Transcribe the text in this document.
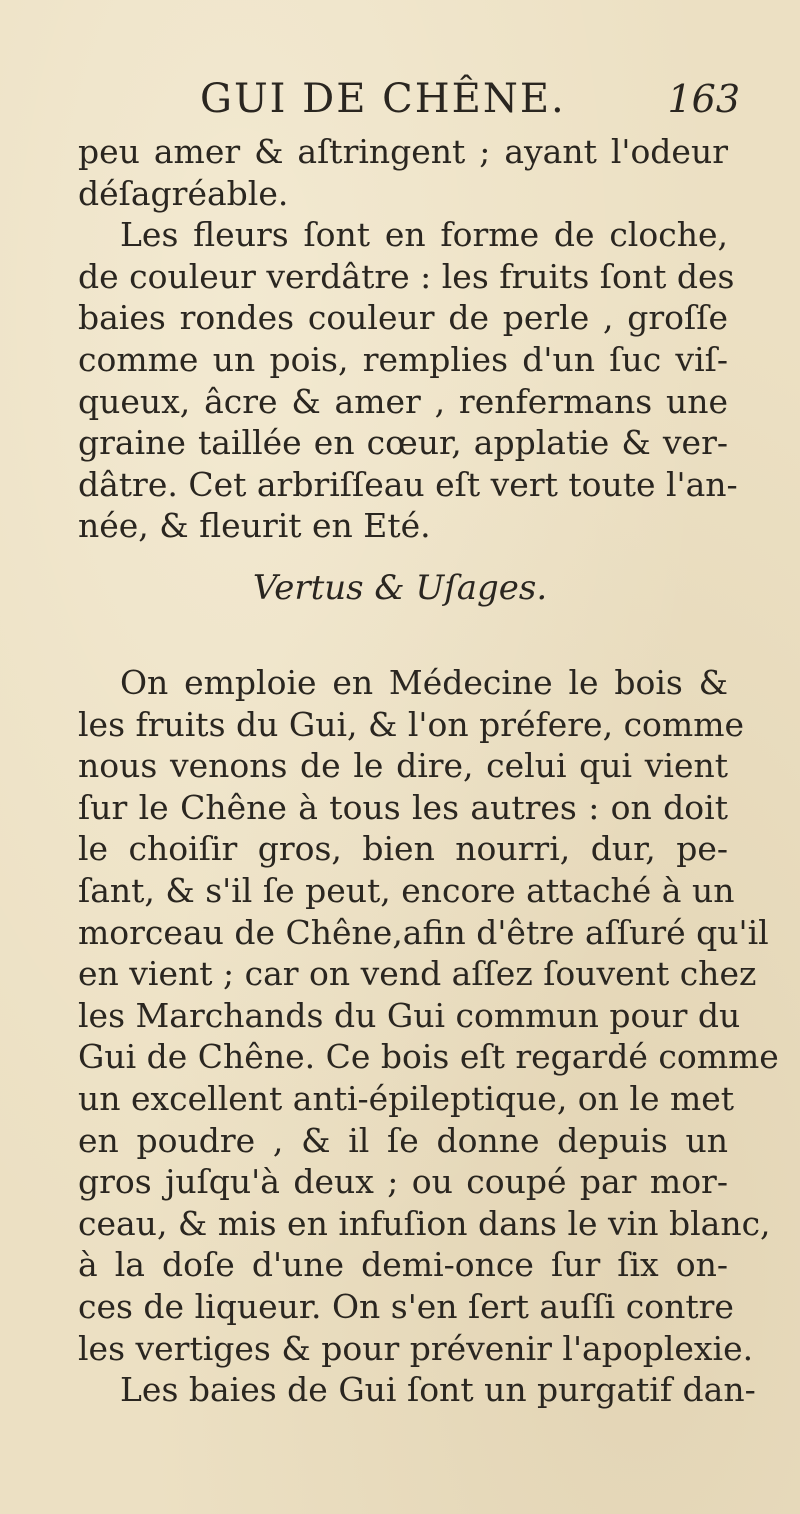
GUI DE CHÊNE.	163
peu amer & aſtringent ; ayant l'odeur
déſagréable.
Les fleurs ſont en forme de cloche,
de couleur verdâtre : les fruits ſont des
baies rondes couleur de perle , groſſe
comme un pois, remplies d'un ſuc viſ-
queux, âcre & amer , renfermans une
graine taillée en cœur, applatie & ver-
dâtre. Cet arbriſſeau eſt vert toute l'an-
née, & fleurit en Eté.
Vertus & Uſages.
On emploie en Médecine le bois &
les fruits du Gui, & l'on préfere, comme
nous venons de le dire, celui qui vient
ſur le Chêne à tous les autres : on doit
le choiſir gros, bien nourri, dur, pe-
ſant, & s'il ſe peut, encore attaché à un
morceau de Chêne,afin d'être aſſuré qu'il
en vient ; car on vend aſſez ſouvent chez
les Marchands du Gui commun pour du
Gui de Chêne. Ce bois eſt regardé comme
un excellent anti-épileptique, on le met
en poudre , & il ſe donne depuis un
gros juſqu'à deux ; ou coupé par mor-
ceau, & mis en infuſion dans le vin blanc,
à la doſe d'une demi-once ſur ſix on-
ces de liqueur. On s'en ſert auſſi contre
les vertiges & pour prévenir l'apoplexie.
Les baies de Gui ſont un purgatif dan-
